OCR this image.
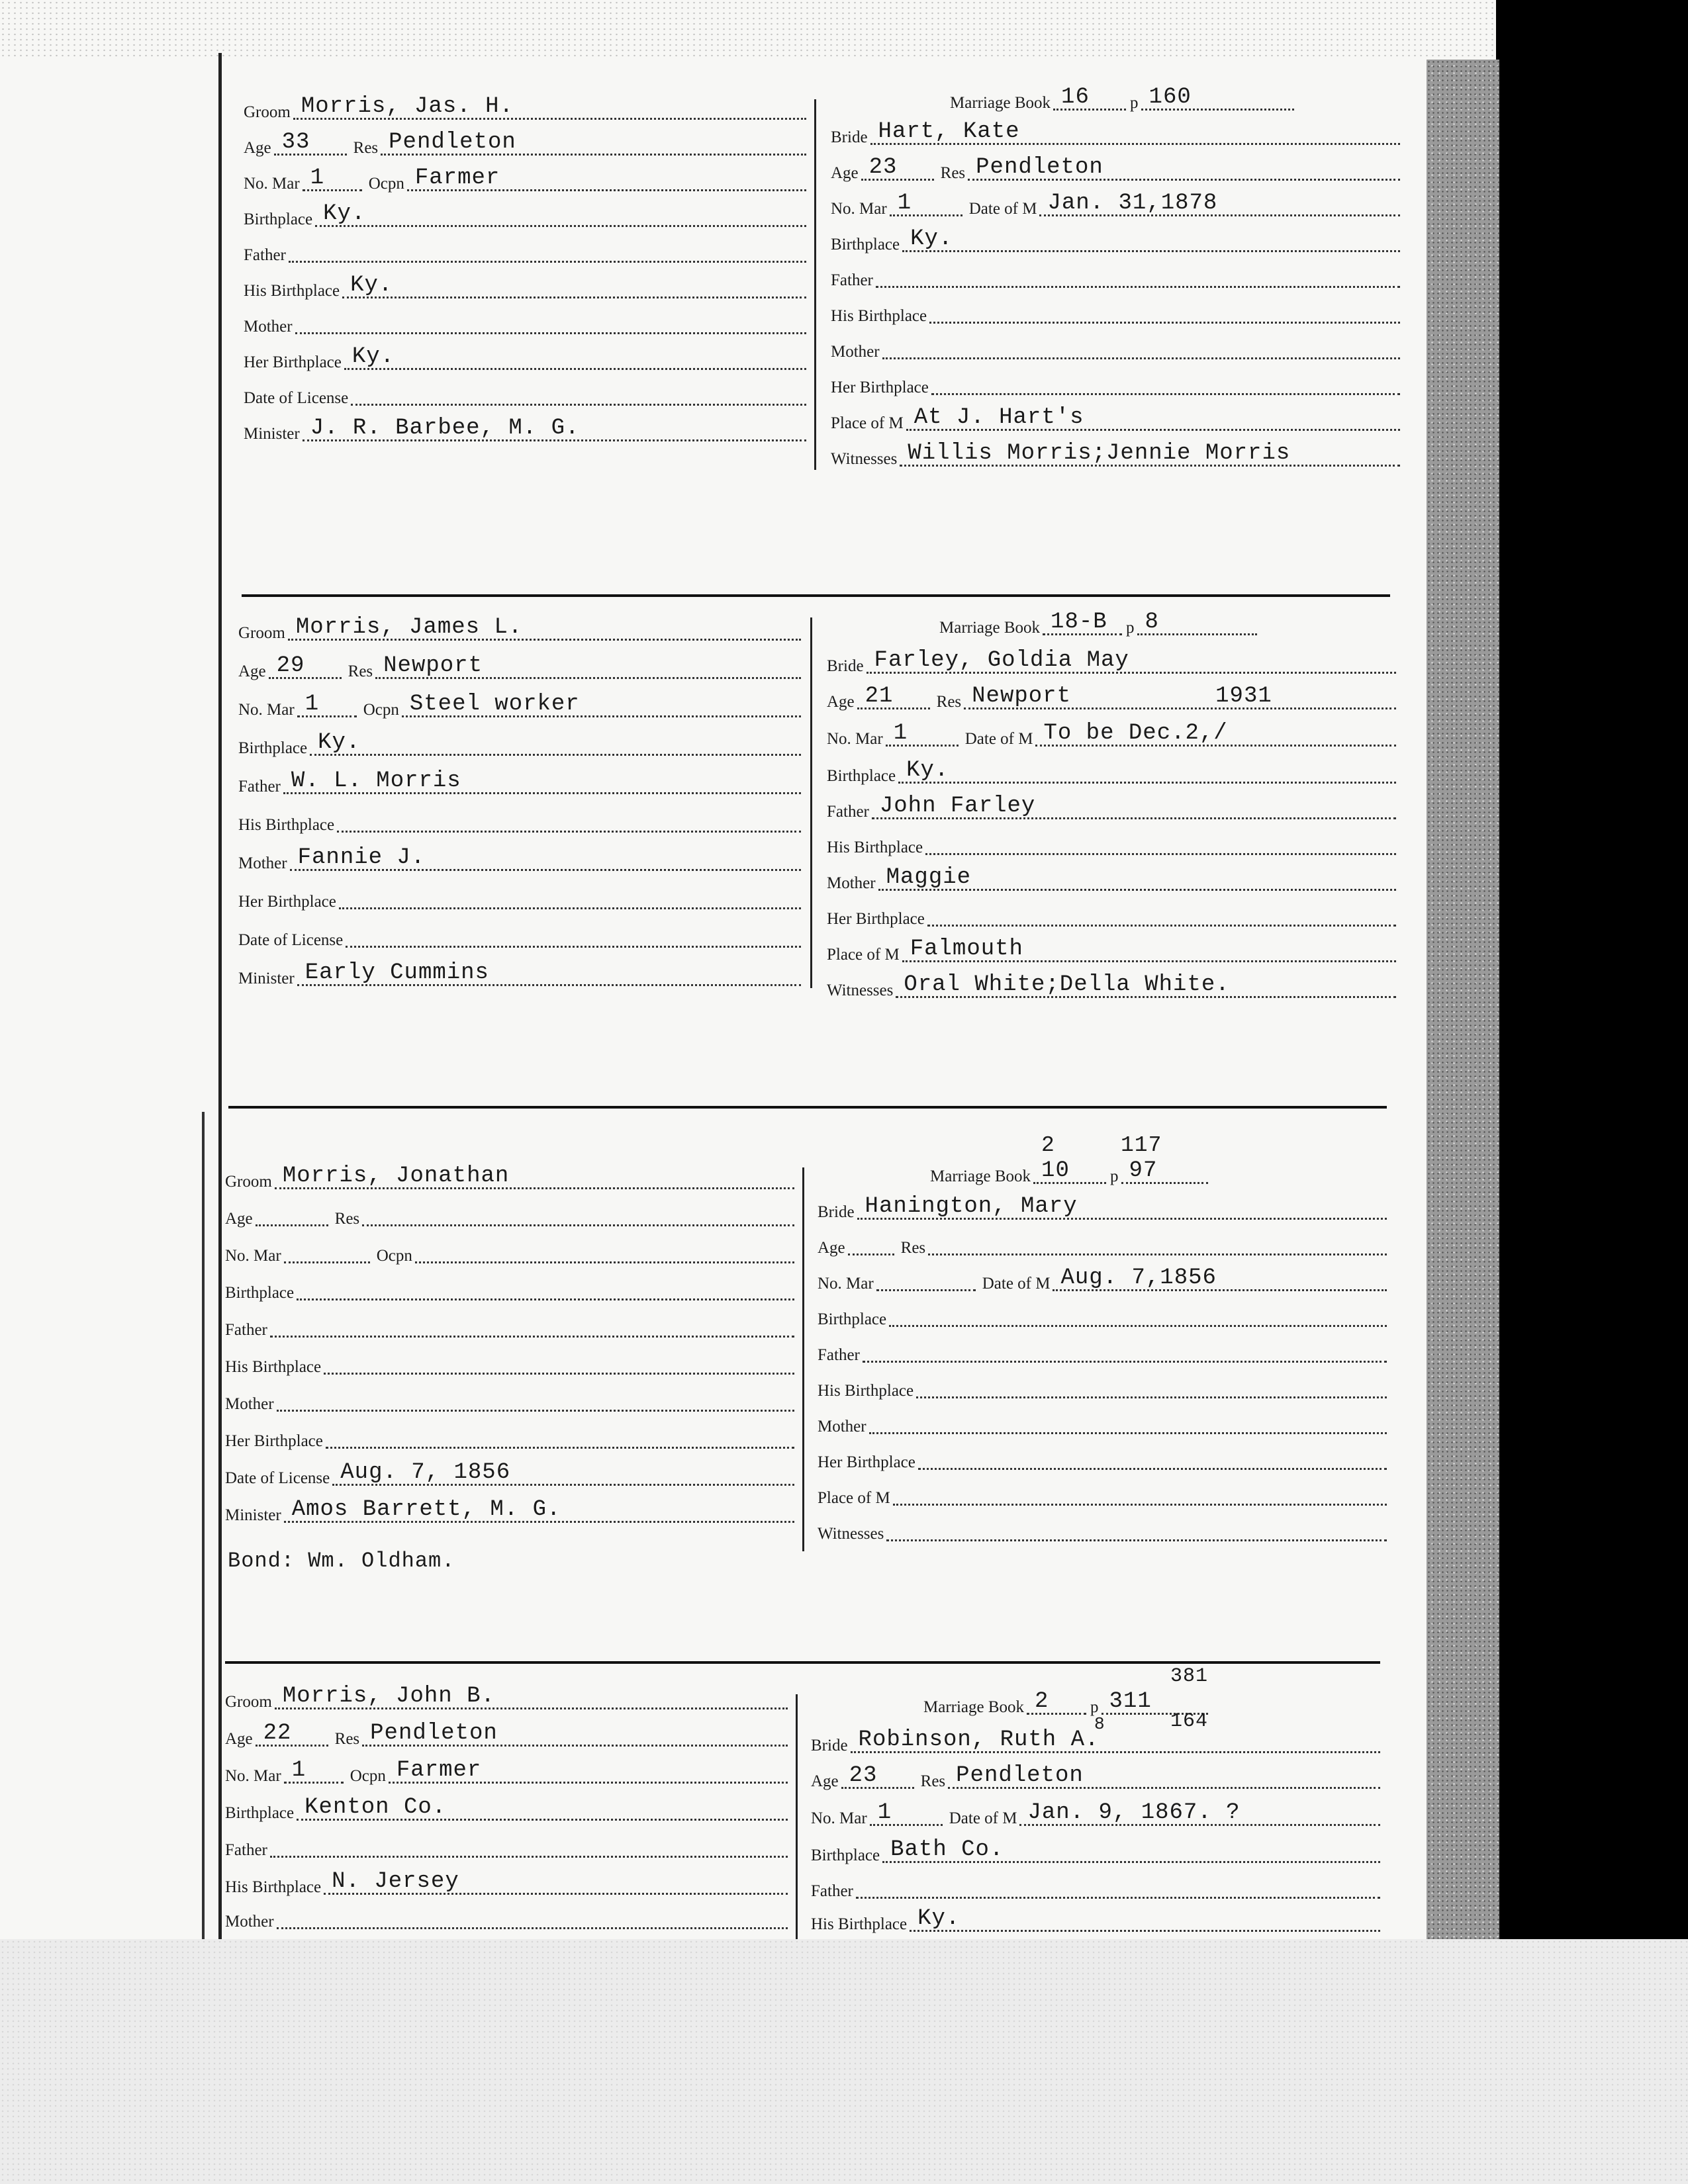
Groom Morris, Jas. H.
Age 33	Res Pendleton
No. Mar 1	Ocpn Farmer
Birthplace Ky.
Father
His Birthplace Ky.
Mother
Her Birthplace Ky.
Date of License
Minister J. R. Barbee, M. G.
Marriage Book 16 p 160
Bride Hart, Kate
Age 23	Res Pendleton
No. Mar 1	Date of M Jan. 31,1878
Birthplace Ky.
Father
His Birthplace
Mother
Her Birthplace
Place of M At J. Hart's
Witnesses Willis Morris;Jennie Morris
Groom Morris, James L.
Age 29	Res Newport
No. Mar 1	Ocpn Steel worker
Birthplace Ky.
Father W. L. Morris
His Birthplace
Mother Fannie J.
Her Birthplace
Date of License
Minister Early Cummins
Marriage Book 18-B p 8
Bride Farley, Goldia May
Age 21	Res Newport	1931
No. Mar 1	Date of M To be Dec.2,/
Birthplace Ky.
Father John Farley
His Birthplace
Mother Maggie
Her Birthplace
Place of M Falmouth
Witnesses Oral White;Della White.
Groom Morris, Jonathan
Age	Res
No. Mar	Ocpn
Birthplace
Father
His Birthplace
Mother
Her Birthplace
Date of License Aug. 7, 1856
Minister Amos Barrett, M. G.
Bond: Wm. Oldham.
2	117
Marriage Book 10 p 97
Bride Hanington, Mary
Age	Res
No. Mar	Date of M Aug. 7,1856
Birthplace
Father
His Birthplace
Mother
Her Birthplace
Place of M
Witnesses
Groom Morris, John B.
Age 22	Res Pendleton
No. Mar 1	Ocpn Farmer
Birthplace Kenton Co.
Father
His Birthplace N. Jersey
Mother
381
Marriage Book 2	p 311
8	164
Bride Robinson, Ruth A.
Age 23	Res Pendleton
No. Mar 1	Date of M Jan. 9, 1867. ?
Birthplace Bath Co.
Father
His Birthplace Ky.
